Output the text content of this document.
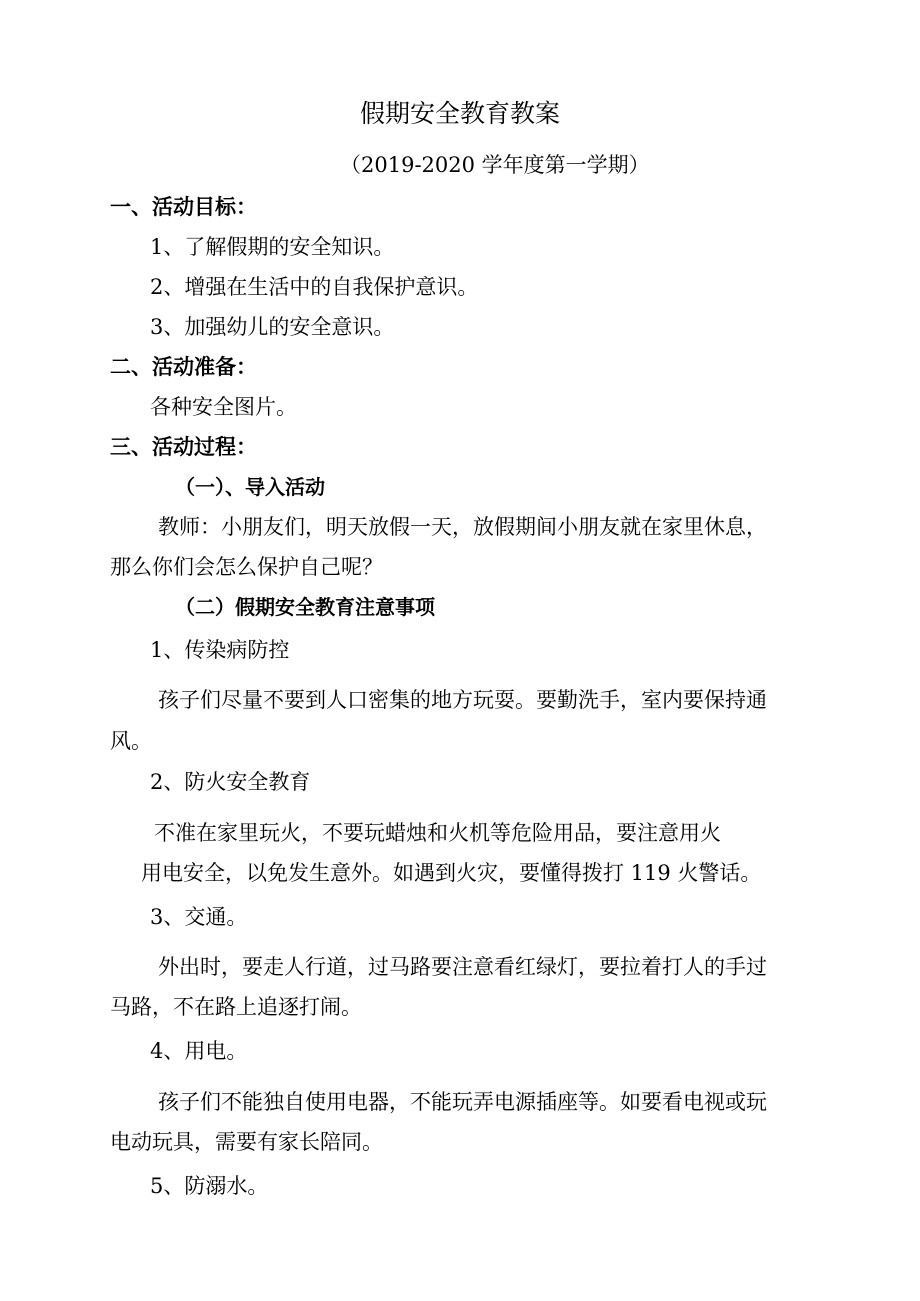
假期安全教育教案
（2019-2020 学年度第一学期）
一、活动目标：
1、了解假期的安全知识。
2、增强在生活中的自我保护意识。
3、加强幼儿的安全意识。
二、活动准备：
各种安全图片。
三、活动过程：
（一）、导入活动
教师：小朋友们，明天放假一天，放假期间小朋友就在家里休息，
那么你们会怎么保护自己呢？
（二）假期安全教育注意事项
1、传染病防控
孩子们尽量不要到人口密集的地方玩耍。要勤洗手，室内要保持通
风。
2、防火安全教育
不准在家里玩火，不要玩蜡烛和火机等危险用品，要注意用火
用电安全，以免发生意外。如遇到火灾，要懂得拨打 119 火警话。
3、交通。
外出时，要走人行道，过马路要注意看红绿灯，要拉着打人的手过
马路，不在路上追逐打闹。
4、用电。
孩子们不能独自使用电器，不能玩弄电源插座等。如要看电视或玩
电动玩具，需要有家长陪同。
5、防溺水。
